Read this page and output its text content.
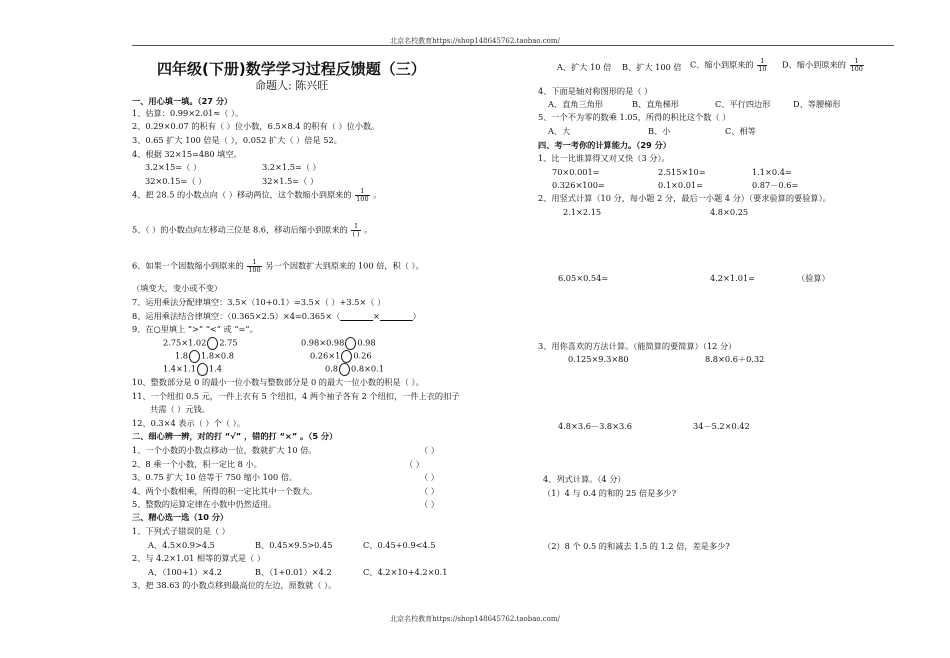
北京名校教育https://shop148645762.taobao.com/
四年级(下册)数学学习过程反馈题（三）
命题人: 陈兴旺
一、用心填一填。（27 分）
1、估算：0.99×2.01≈（ ）。
2、0.29×0.07 的积有（ ）位小数，6.5×8.4 的积有（ ）位小数。
3、0.65 扩大 100 倍是（ ），0.052 扩大（ ）倍是 52。
4、根据 32×15=480 填空。
3.2×15=（ ）	3.2×1.5=（ ）
32×0.15=（ ）	32×1.5=（ ）
4、把 28.5 的小数点向（ ）移动两位，这个数缩小到原来的 $\frac{1}{100}$ 。
5、（ ）的小数点向左移动三位是 8.6，移动后缩小到原来的 $\frac{1}{( )}$ 。
6、如果一个因数缩小到原来的 $\frac{1}{100}$ 另一个因数扩大到原来的 100 倍，积（ ）。
（填变大，变小或不变）
7、运用乘法分配律填空：3.5×（10+0.1）=3.5×（ ）+3.5×（ ）
8、运用乘法结合律填空：（0.365×2.5）×4=0.365×（________×________）
9、在○里填上 “>” “<” 或 “=”。
2.75×1.02 2.75	0.98×0.98 0.98
1.8 1.8×0.8	0.26×1 0.26
1.4×1.1 1.4	0.8 0.8×0.1
10、整数部分是 0 的最小一位小数与整数部分是 0 的最大一位小数的积是（ ）。
11、一个纽扣 0.5 元，一件上衣有 5 个纽扣，4 两个袖子各有 2 个纽扣，一件上衣的扣子
共需（ ）元钱。
12、0.3×4 表示（ ）个（ ）。
二、细心辨一辨，对的打 “√” ，错的打 “×” 。（5 分）
1、一个小数的小数点移动一位，数就扩大 10 倍。	（ ）
2、8 乘一个小数，积一定比 8 小。	（ ）
3、0.75 扩大 10 倍等于 750 缩小 100 倍。	（ ）
4、两个小数相乘，所得的积一定比其中一个数大。	（ ）
5、整数的运算定律在小数中仍然适用。	（ ）
三、精心选一选（10 分）
1、下列式子错误的是（ ）
A、4.5×0.9>4.5	B、0.45×9.5>0.45	C、0.45+0.9<4.5
2、与 4.2×1.01 相等的算式是（ ）
A、（100+1）×4.2	B、（1+0.01）×4.2	C、4.2×10+4.2×0.1
3、把 38.63 的小数点移到最高位的左边，原数就（ ）。
A、扩大 10 倍 B、扩大 100 倍 C、缩小到原来的 $\frac{1}{10}$ D、缩小到原来的 $\frac{1}{100}$
4、下面是轴对称图形的是（ ）
A、直角三角形	B、直角梯形	C、平行四边形	D、等腰梯形
5、一个不为零的数乘 1.05，所得的积比这个数（ ）
A、大	B、小	C、相等
四、考一考你的计算能力。（29 分）
1、比一比谁算得又对又快（3 分）。
70×0.001=	2.515×10=	1.1×0.4=
0.326×100=	0.1×0.01=	0.87－0.6=
2、用竖式计算（10 分，每小题 2 分，最后一小题 4 分）（要求验算的要验算）。
2.1×2.15	4.8×0.25
6.05×0.54=	4.2×1.01=	（验算）
3、用你喜欢的方法计算。（能简算的要简算）（12 分）
0.125×9.3×80	8.8×0.6＋0.32
4.8×3.6－3.8×3.6	34－5.2×0.42
4、列式计算。（4 分）
（1）4 与 0.4 的和的 25 倍是多少?
（2）8 个 0.5 的和减去 1.5 的 1.2 倍，差是多少?
北京名校教育https://shop148645762.taobao.com/
